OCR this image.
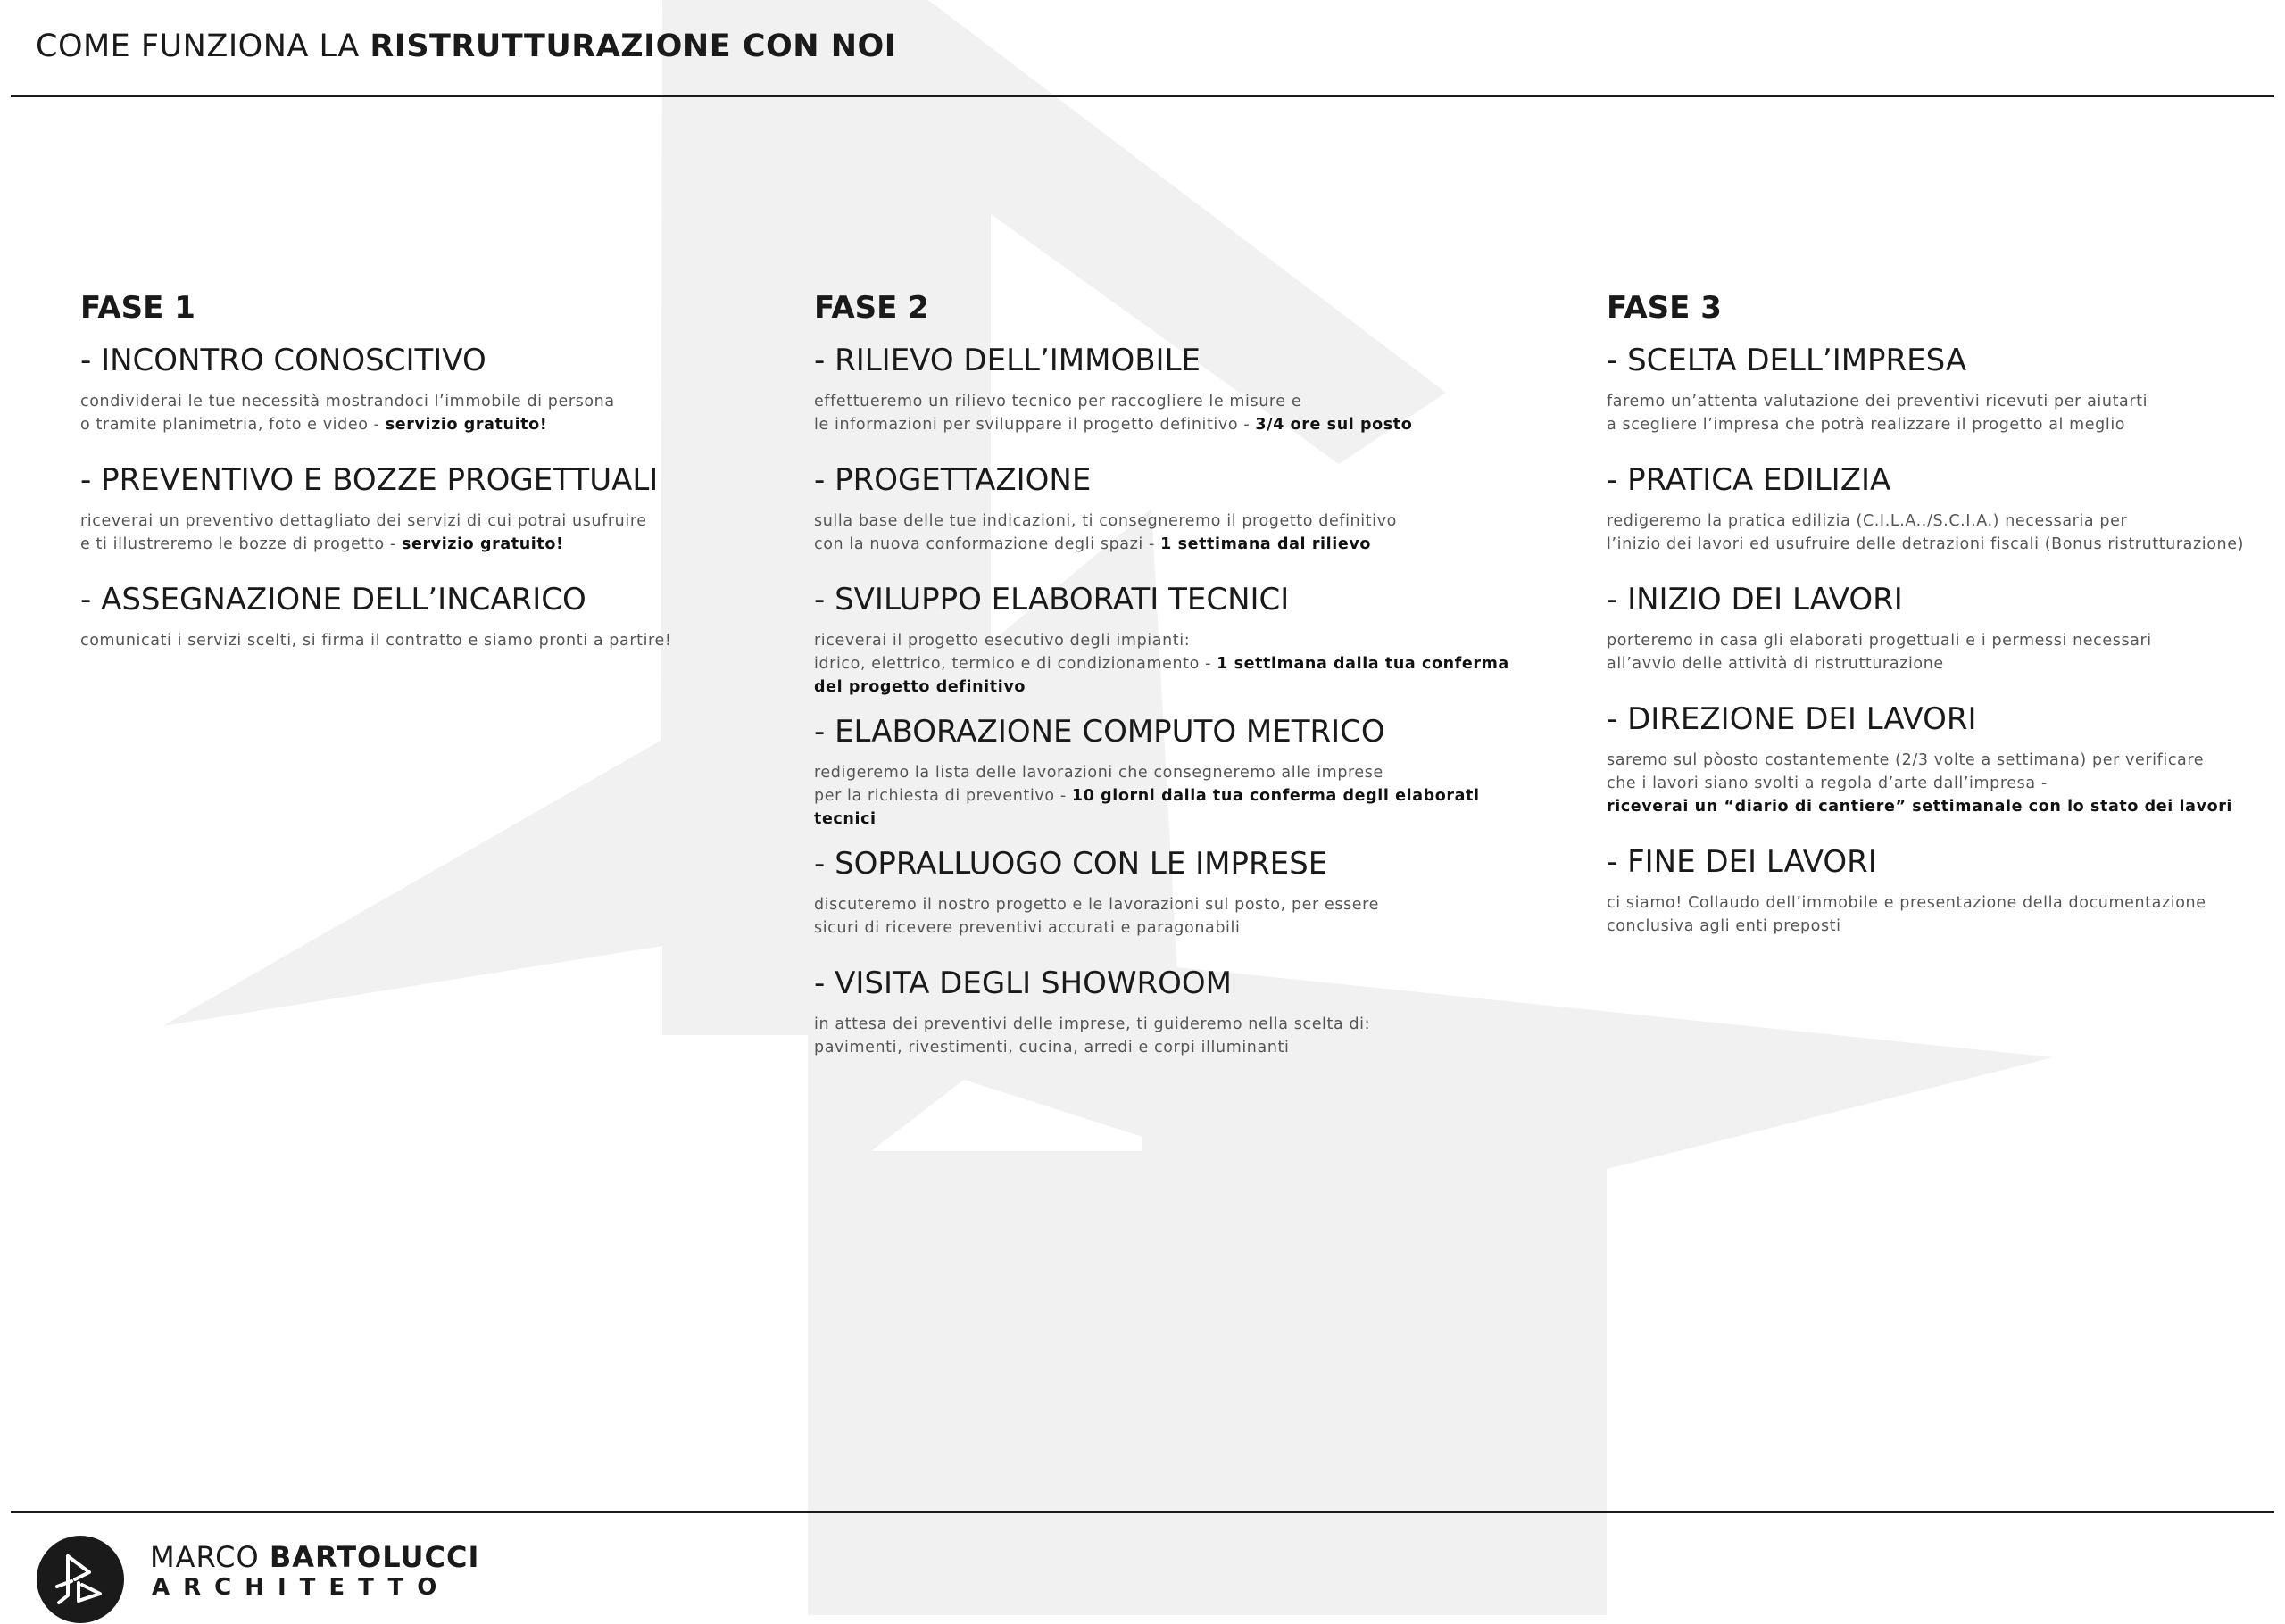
COME FUNZIONA LA RISTRUTTURAZIONE CON NOI
FASE 1
- INCONTRO CONOSCITIVO

condividerai le tue necessità mostrandoci l’immobile di persona
o tramite planimetria, foto e video - servizio gratuito!

- PREVENTIVO E BOZZE PROGETTUALI

riceverai un preventivo dettagliato dei servizi di cui potrai usufruire
e ti illustreremo le bozze di progetto - servizio gratuito!

- ASSEGNAZIONE DELL’INCARICO

comunicati i servizi scelti, si firma il contratto e siamo pronti a partire!

FASE 2
- RILIEVO DELL’IMMOBILE

effettueremo un rilievo tecnico per raccogliere le misure e
le informazioni per sviluppare il progetto definitivo - 3/4 ore sul posto

- PROGETTAZIONE

sulla base delle tue indicazioni, ti consegneremo il progetto definitivo
con la nuova conformazione degli spazi - 1 settimana dal rilievo

- SVILUPPO ELABORATI TECNICI

riceverai il progetto esecutivo degli impianti:
idrico, elettrico, termico e di condizionamento - 1 settimana dalla tua conferma del progetto definitivo

- ELABORAZIONE COMPUTO METRICO

redigeremo la lista delle lavorazioni che consegneremo alle imprese
per la richiesta di preventivo - 10 giorni dalla tua conferma degli elaborati tecnici

- SOPRALLUOGO CON LE IMPRESE

discuteremo il nostro progetto e le lavorazioni sul posto, per essere
sicuri di ricevere preventivi accurati e paragonabili

- VISITA DEGLI SHOWROOM

in attesa dei preventivi delle imprese, ti guideremo nella scelta di:
pavimenti, rivestimenti, cucina, arredi e corpi illuminanti

FASE 3
- SCELTA DELL’IMPRESA

faremo un’attenta valutazione dei preventivi ricevuti per aiutarti
a scegliere l’impresa che potrà realizzare il progetto al meglio

- PRATICA EDILIZIA

redigeremo la pratica edilizia (C.I.L.A../S.C.I.A.) necessaria per
l’inizio dei lavori ed usufruire delle detrazioni fiscali (Bonus ristrutturazione)

- INIZIO DEI LAVORI

porteremo in casa gli elaborati progettuali e i permessi necessari
all’avvio delle attività di ristrutturazione

- DIREZIONE DEI LAVORI

saremo sul pòosto costantemente (2/3 volte a settimana) per verificare
che i lavori siano svolti a regola d’arte dall’impresa -
riceverai un “diario di cantiere” settimanale con lo stato dei lavori

- FINE DEI LAVORI

ci siamo! Collaudo dell’immobile e presentazione della documentazione
conclusiva agli enti preposti

MARCO BARTOLUCCI
ARCHITETTO
